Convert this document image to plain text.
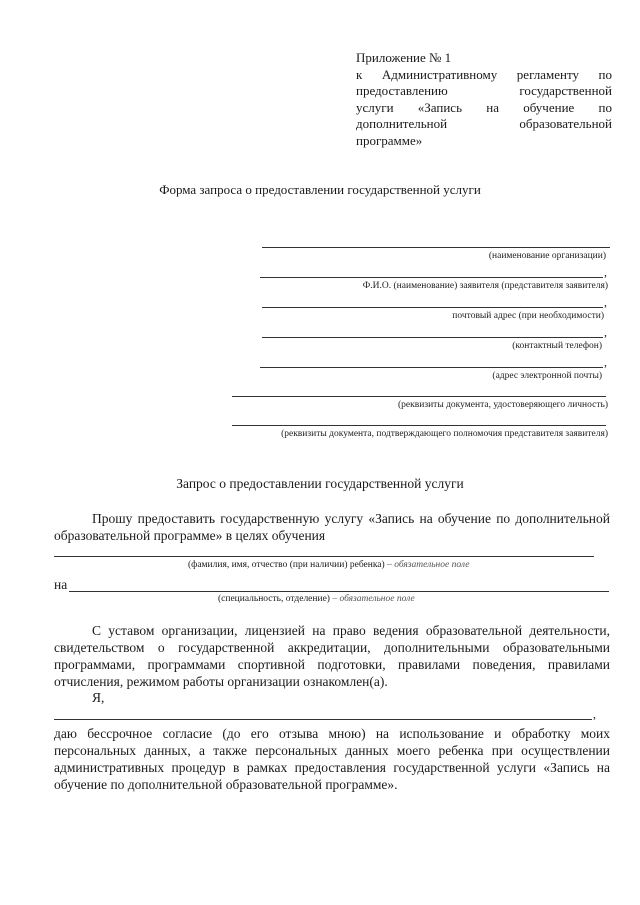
Приложение № 1
к Административному регламенту по
предоставлению государственной
услуги «Запись на обучение по
дополнительной образовательной
программе»
Форма запроса о предоставлении государственной услуги
(наименование организации)
,
Ф.И.О. (наименование) заявителя (представителя заявителя)
,
почтовый адрес (при необходимости)
,
(контактный телефон)
,
(адрес электронной почты)
(реквизиты документа, удостоверяющего личность)
(реквизиты документа, подтверждающего полномочия представителя заявителя)
Запрос о предоставлении государственной услуги
Прошу предоставить государственную услугу «Запись на обучение по дополнительной образовательной программе» в целях обучения
(фамилия, имя, отчество (при наличии) ребенка) – обязательное поле
на
(специальность, отделение) – обязательное поле
С уставом организации, лицензией на право ведения образовательной деятельности, свидетельством о государственной аккредитации, дополнительными образовательными программами, программами спортивной подготовки, правилами поведения, правилами отчисления, режимом работы организации ознакомлен(а).
Я,
,
даю бессрочное согласие (до его отзыва мною) на использование и обработку моих персональных данных, а также персональных данных моего ребенка при осуществлении административных процедур в рамках предоставления государственной услуги «Запись на обучение по дополнительной образовательной программе».
